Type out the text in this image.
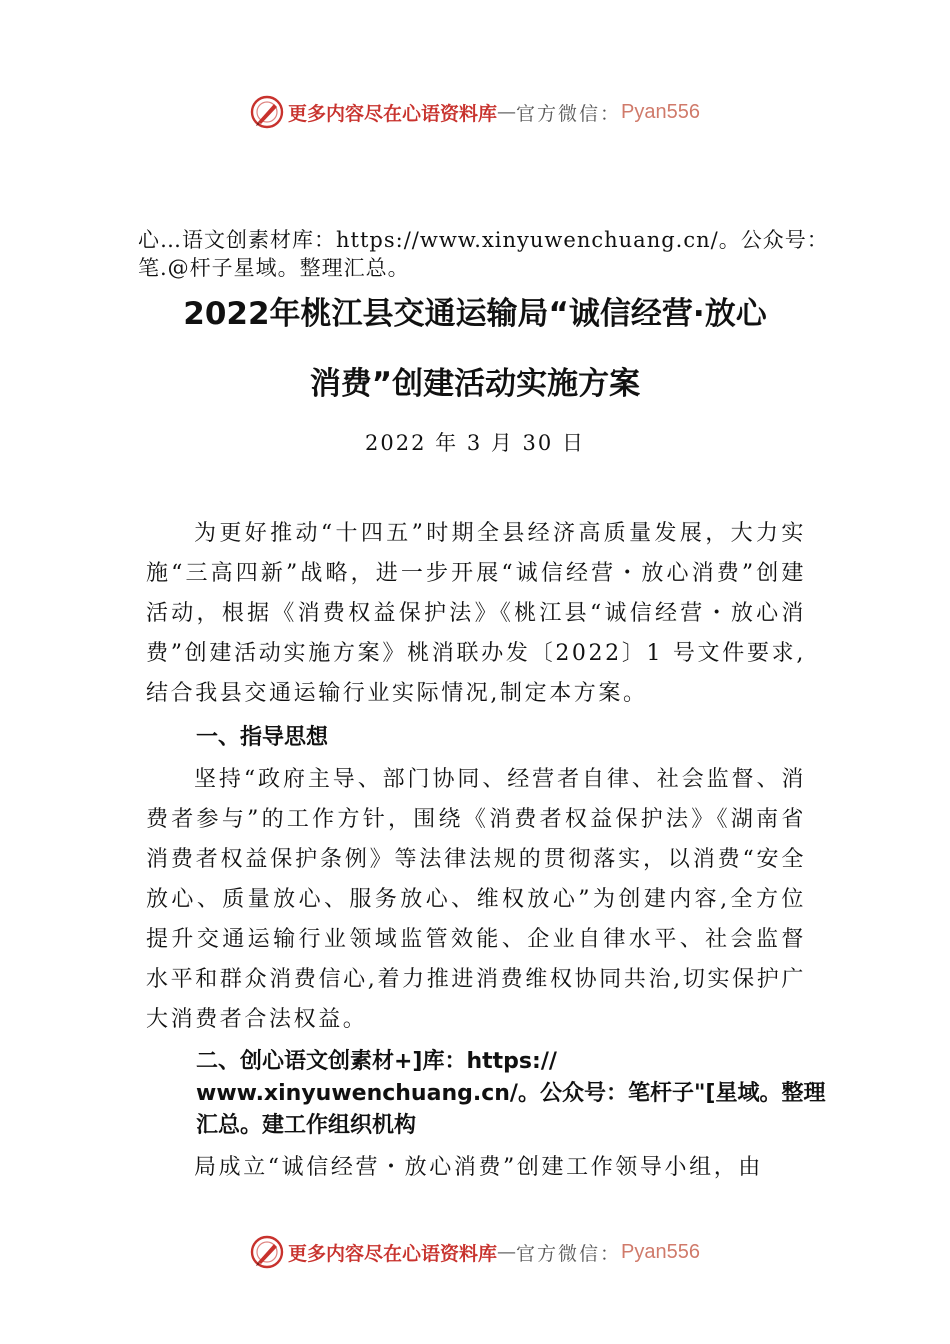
更多内容尽在心语资料库 — 官方微信： Pyan556
心…语文创素材库：https://www.xinyuwenchuang.cn/。公众号：笔.@杆子星域。整理汇总。
2022年桃江县交通运输局“诚信经营·放心
消费”创建活动实施方案
2022 年 3 月 30 日

为更好推动“十四五”时期全县经济高质量发展，大力实施“三高四新”战略，进一步开展“诚信经营・放心消费”创建活动，根据《消费权益保护法》《桃江县“诚信经营・放心消费”创建活动实施方案》桃消联办发〔2022〕1 号文件要求,结合我县交通运输行业实际情况,制定本方案。

一、指导思想

坚持“政府主导、部门协同、经营者自律、社会监督、消费者参与”的工作方针，围绕《消费者权益保护法》《湖南省消费者权益保护条例》等法律法规的贯彻落实，以消费“安全放心、质量放心、服务放心、维权放心”为创建内容,全方位提升交通运输行业领域监管效能、企业自律水平、社会监督水平和群众消费信心,着力推进消费维权协同共治,切实保护广大消费者合法权益。

二、创心语文创素材+]库：https://
www.xinyuwenchuang.cn/。公众号：笔杆子"[星域。整理
汇总。建工作组织机构

局成立“诚信经营・放心消费”创建工作领导小组，由

更多内容尽在心语资料库 — 官方微信： Pyan556
